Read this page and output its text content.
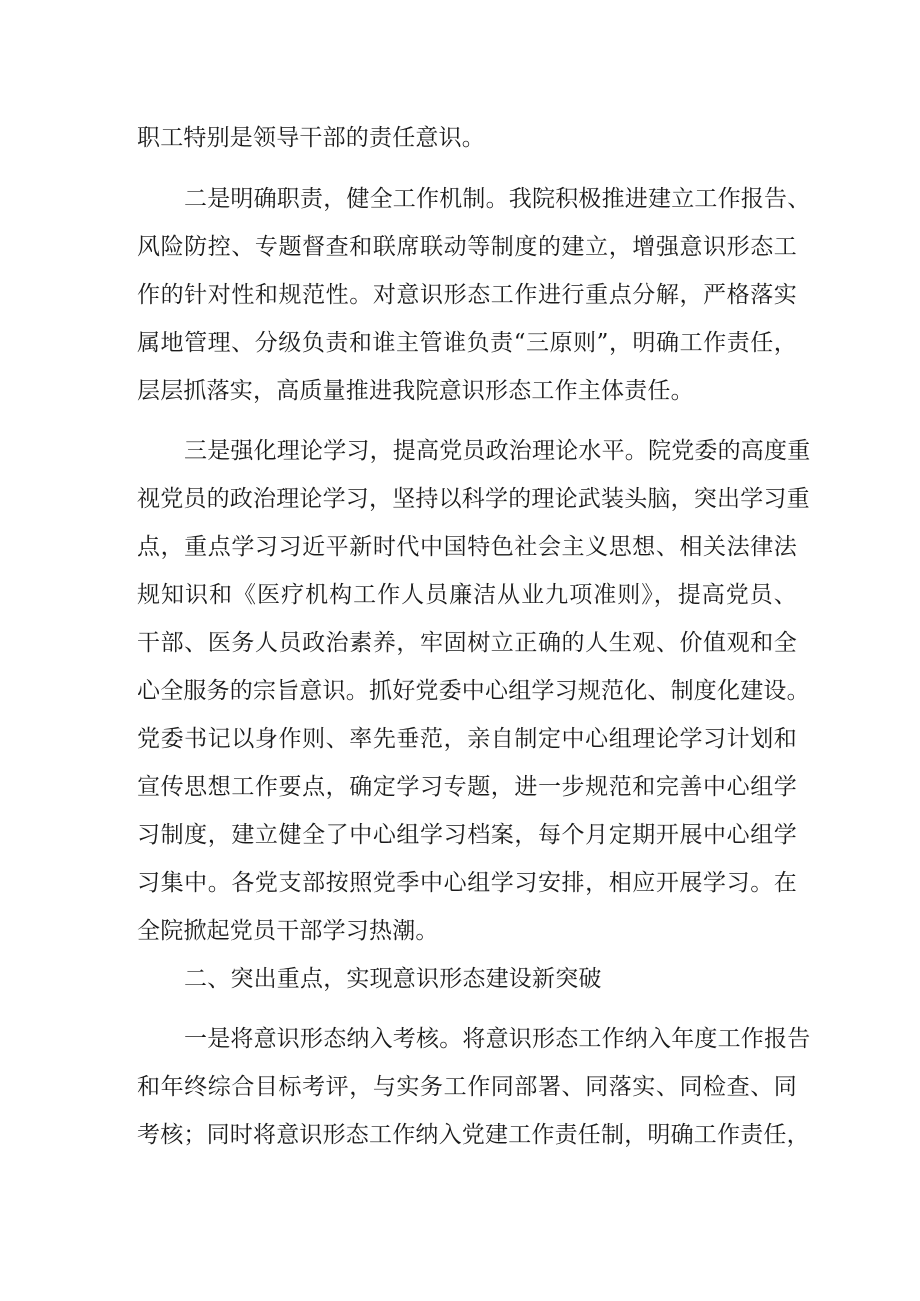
职工特别是领导干部的责任意识。
二是明确职责，健全工作机制。我院积极推进建立工作报告、
风险防控、专题督查和联席联动等制度的建立，增强意识形态工
作的针对性和规范性。对意识形态工作进行重点分解，严格落实
属地管理、分级负责和谁主管谁负责“三原则”，明确工作责任，
层层抓落实，高质量推进我院意识形态工作主体责任。
三是强化理论学习，提高党员政治理论水平。院党委的高度重
视党员的政治理论学习，坚持以科学的理论武装头脑，突出学习重
点，重点学习习近平新时代中国特色社会主义思想、相关法律法
规知识和《医疗机构工作人员廉洁从业九项准则》，提高党员、
干部、医务人员政治素养，牢固树立正确的人生观、价值观和全
心全服务的宗旨意识。抓好党委中心组学习规范化、制度化建设。
党委书记以身作则、率先垂范，亲自制定中心组理论学习计划和
宣传思想工作要点，确定学习专题，进一步规范和完善中心组学
习制度，建立健全了中心组学习档案，每个月定期开展中心组学
习集中。各党支部按照党季中心组学习安排，相应开展学习。在
全院掀起党员干部学习热潮。
二、突出重点，实现意识形态建设新突破
一是将意识形态纳入考核。将意识形态工作纳入年度工作报告
和年终综合目标考评，与实务工作同部署、同落实、同检查、同
考核；同时将意识形态工作纳入党建工作责任制，明确工作责任，
